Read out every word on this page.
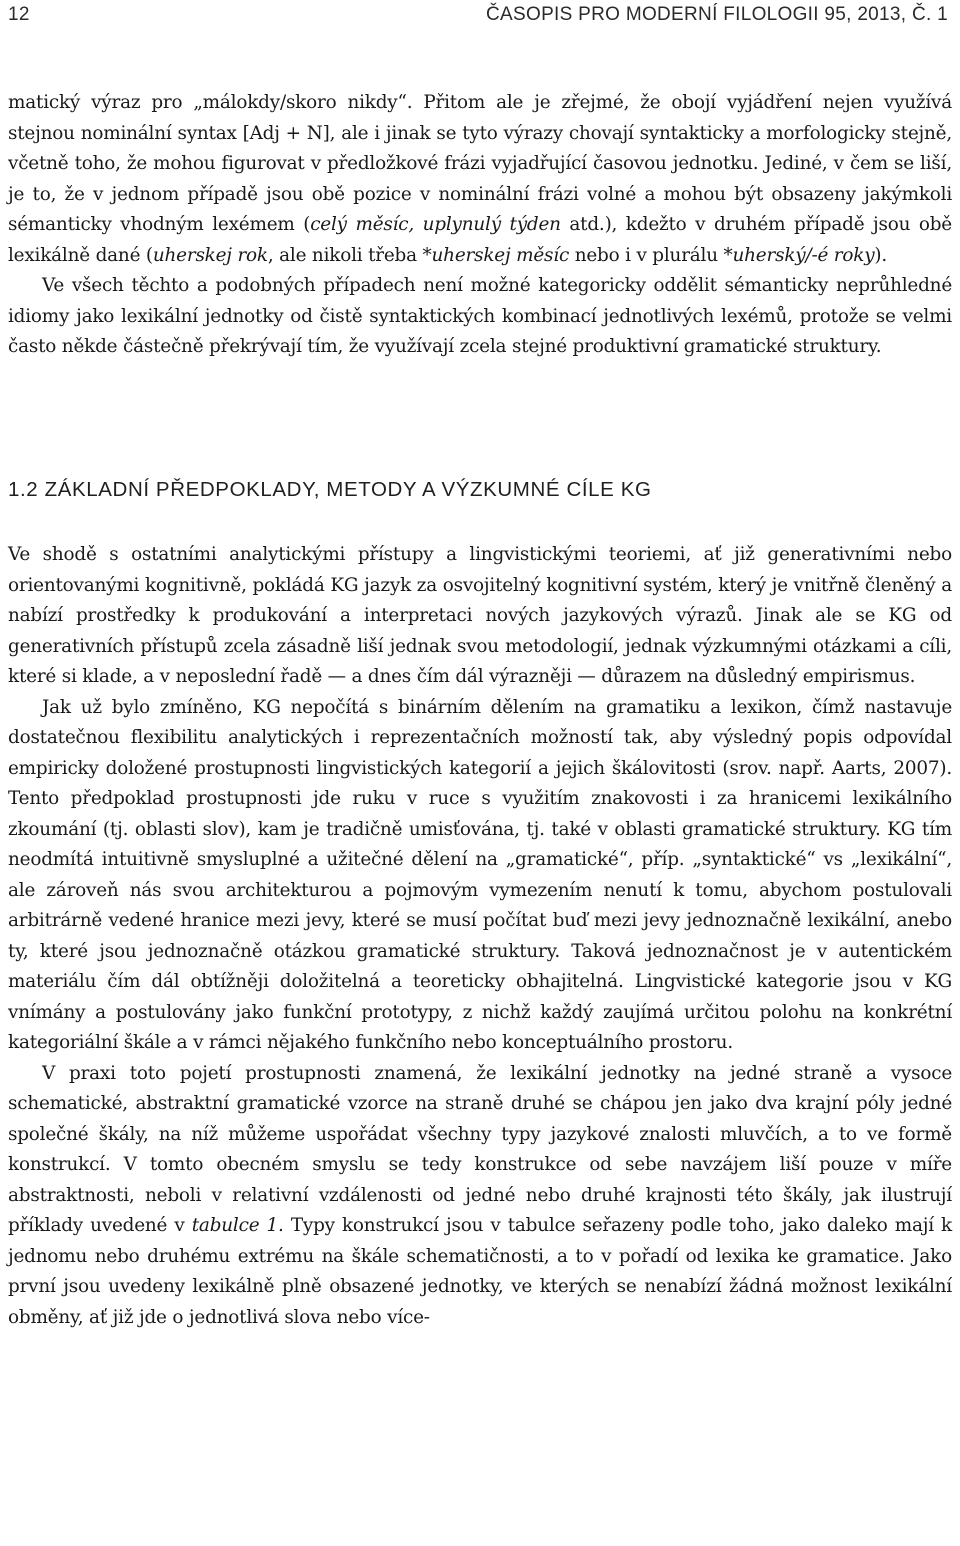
12	ČASOPIS PRO MODERNÍ FILOLOGII 95, 2013, Č. 1

matický výraz pro „málokdy/skoro nikdy“. Přitom ale je zřejmé, že obojí vyjádření nejen využívá stejnou nominální syntax [Adj + N], ale i jinak se tyto výrazy chovají syntakticky a morfologicky stejně, včetně toho, že mohou figurovat v předložkové frázi vyjadřující časovou jednotku. Jediné, v čem se liší, je to, že v jednom případě jsou obě pozice v nominální frázi volné a mohou být obsazeny jakýmkoli sémanticky vhodným lexémem (celý měsíc, uplynulý týden atd.), kdežto v druhém případě jsou obě lexikálně dané (uherskej rok, ale nikoli třeba *uherskej měsíc nebo i v plurálu *uherský/-é roky).

Ve všech těchto a podobných případech není možné kategoricky oddělit sémanticky neprůhledné idiomy jako lexikální jednotky od čistě syntaktických kombinací jednotlivých lexémů, protože se velmi často někde částečně překrývají tím, že využívají zcela stejné produktivní gramatické struktury.

1.2 ZÁKLADNÍ PŘEDPOKLADY, METODY A VÝZKUMNÉ CÍLE KG

Ve shodě s ostatními analytickými přístupy a lingvistickými teoriemi, ať již generativními nebo orientovanými kognitivně, pokládá KG jazyk za osvojitelný kognitivní systém, který je vnitřně členěný a nabízí prostředky k produkování a interpretaci nových jazykových výrazů. Jinak ale se KG od generativních přístupů zcela zásadně liší jednak svou metodologií, jednak výzkumnými otázkami a cíli, které si klade, a v neposlední řadě — a dnes čím dál výrazněji — důrazem na důsledný empirismus.

Jak už bylo zmíněno, KG nepočítá s binárním dělením na gramatiku a lexikon, čímž nastavuje dostatečnou flexibilitu analytických i reprezentačních možností tak, aby výsledný popis odpovídal empiricky doložené prostupnosti lingvistických kategorií a jejich škálovitosti (srov. např. Aarts, 2007). Tento předpoklad prostupnosti jde ruku v ruce s využitím znakovosti i za hranicemi lexikálního zkoumání (tj. oblasti slov), kam je tradičně umisťována, tj. také v oblasti gramatické struktury. KG tím neodmítá intuitivně smysluplné a užitečné dělení na „gramatické“, příp. „syntaktické“ vs „lexikální“, ale zároveň nás svou architekturou a pojmovým vymezením nenutí k tomu, abychom postulovali arbitrárně vedené hranice mezi jevy, které se musí počítat buď mezi jevy jednoznačně lexikální, anebo ty, které jsou jednoznačně otázkou gramatické struktury. Taková jednoznačnost je v autentickém materiálu čím dál obtížněji doložitelná a teoreticky obhajitelná. Lingvistické kategorie jsou v KG vnímány a postulovány jako funkční prototypy, z nichž každý zaujímá určitou polohu na konkrétní kategoriální škále a v rámci nějakého funkčního nebo konceptuálního prostoru.

V praxi toto pojetí prostupnosti znamená, že lexikální jednotky na jedné straně a vysoce schematické, abstraktní gramatické vzorce na straně druhé se chápou jen jako dva krajní póly jedné společné škály, na níž můžeme uspořádat všechny typy jazykové znalosti mluvčích, a to ve formě konstrukcí. V tomto obecném smyslu se tedy konstrukce od sebe navzájem liší pouze v míře abstraktnosti, neboli v relativní vzdálenosti od jedné nebo druhé krajnosti této škály, jak ilustrují příklady uvedené v tabulce 1. Typy konstrukcí jsou v tabulce seřazeny podle toho, jako daleko mají k jednomu nebo druhému extrému na škále schematičnosti, a to v pořadí od lexika ke gramatice. Jako první jsou uvedeny lexikálně plně obsazené jednotky, ve kterých se nenabízí žádná možnost lexikální obměny, ať již jde o jednotlivá slova nebo více-
